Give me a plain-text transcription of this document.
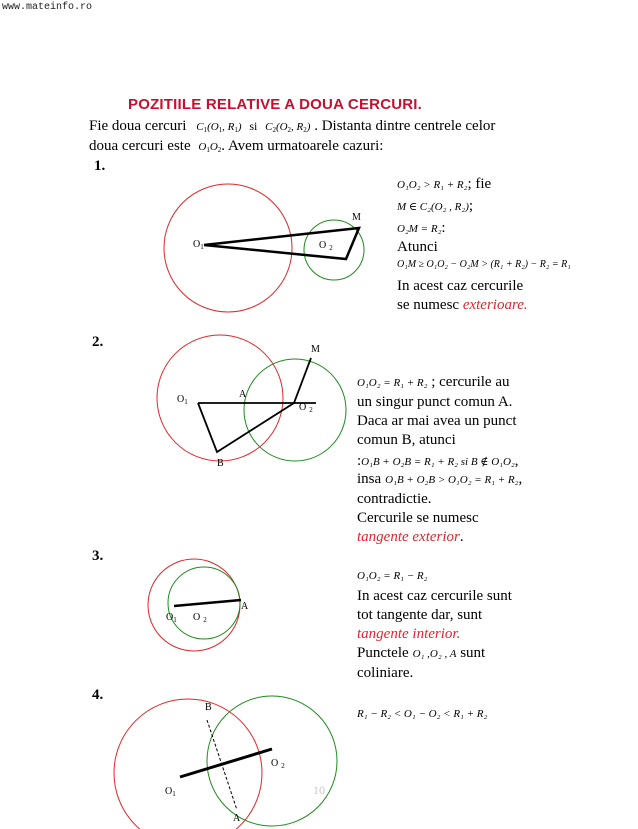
www.mateinfo.ro
POZITIILE RELATIVE A DOUA CERCURI.
Fie doua cercuri $C_1(O_1$, $R_1$) si $C_2(O_2$, $R_2$) . Distanta dintre centrele celor
doua cercuri este $O_1O_2$. Avem urmatoarele cazuri:
1.
2.
3.
4.
$O_1$	O $_2$
M
O₁O₂ > R₁ + R₂; fie
M ∈ C₂(O₂ , R₂);
O₂M = R₂:
Atunci
O₁M ≥ O₁O₂ − O₂M > (R₁ + R₂) − R₂ = R₁
In acest caz cercurile
se numesc exterioare.
$O_1$	O $_2$
A
B
M
O₁O₂ = R₁ + R₂ ; cercurile au
un singur punct comun A.
Daca ar mai avea un punct
comun B, atunci
:O₁B + O₂B = R₁ + R₂ si B ∉ O₁O₂,
insa O₁B + O₂B > O₁O₂ = R₁ + R₂,
contradictie.
Cercurile se numesc
tangente exterior.
$O_1$ O $_2$
A
O₁O₂ = R₁ − R₂
In acest caz cercurile sunt
tot tangente dar, sunt
tangente interior.
Punctele O₁ ,O₂ , A sunt
coliniare.
B
O $_2$
$O_1$
A
R₁ − R₂ < O₁ − O₂ < R₁ + R₂
10
